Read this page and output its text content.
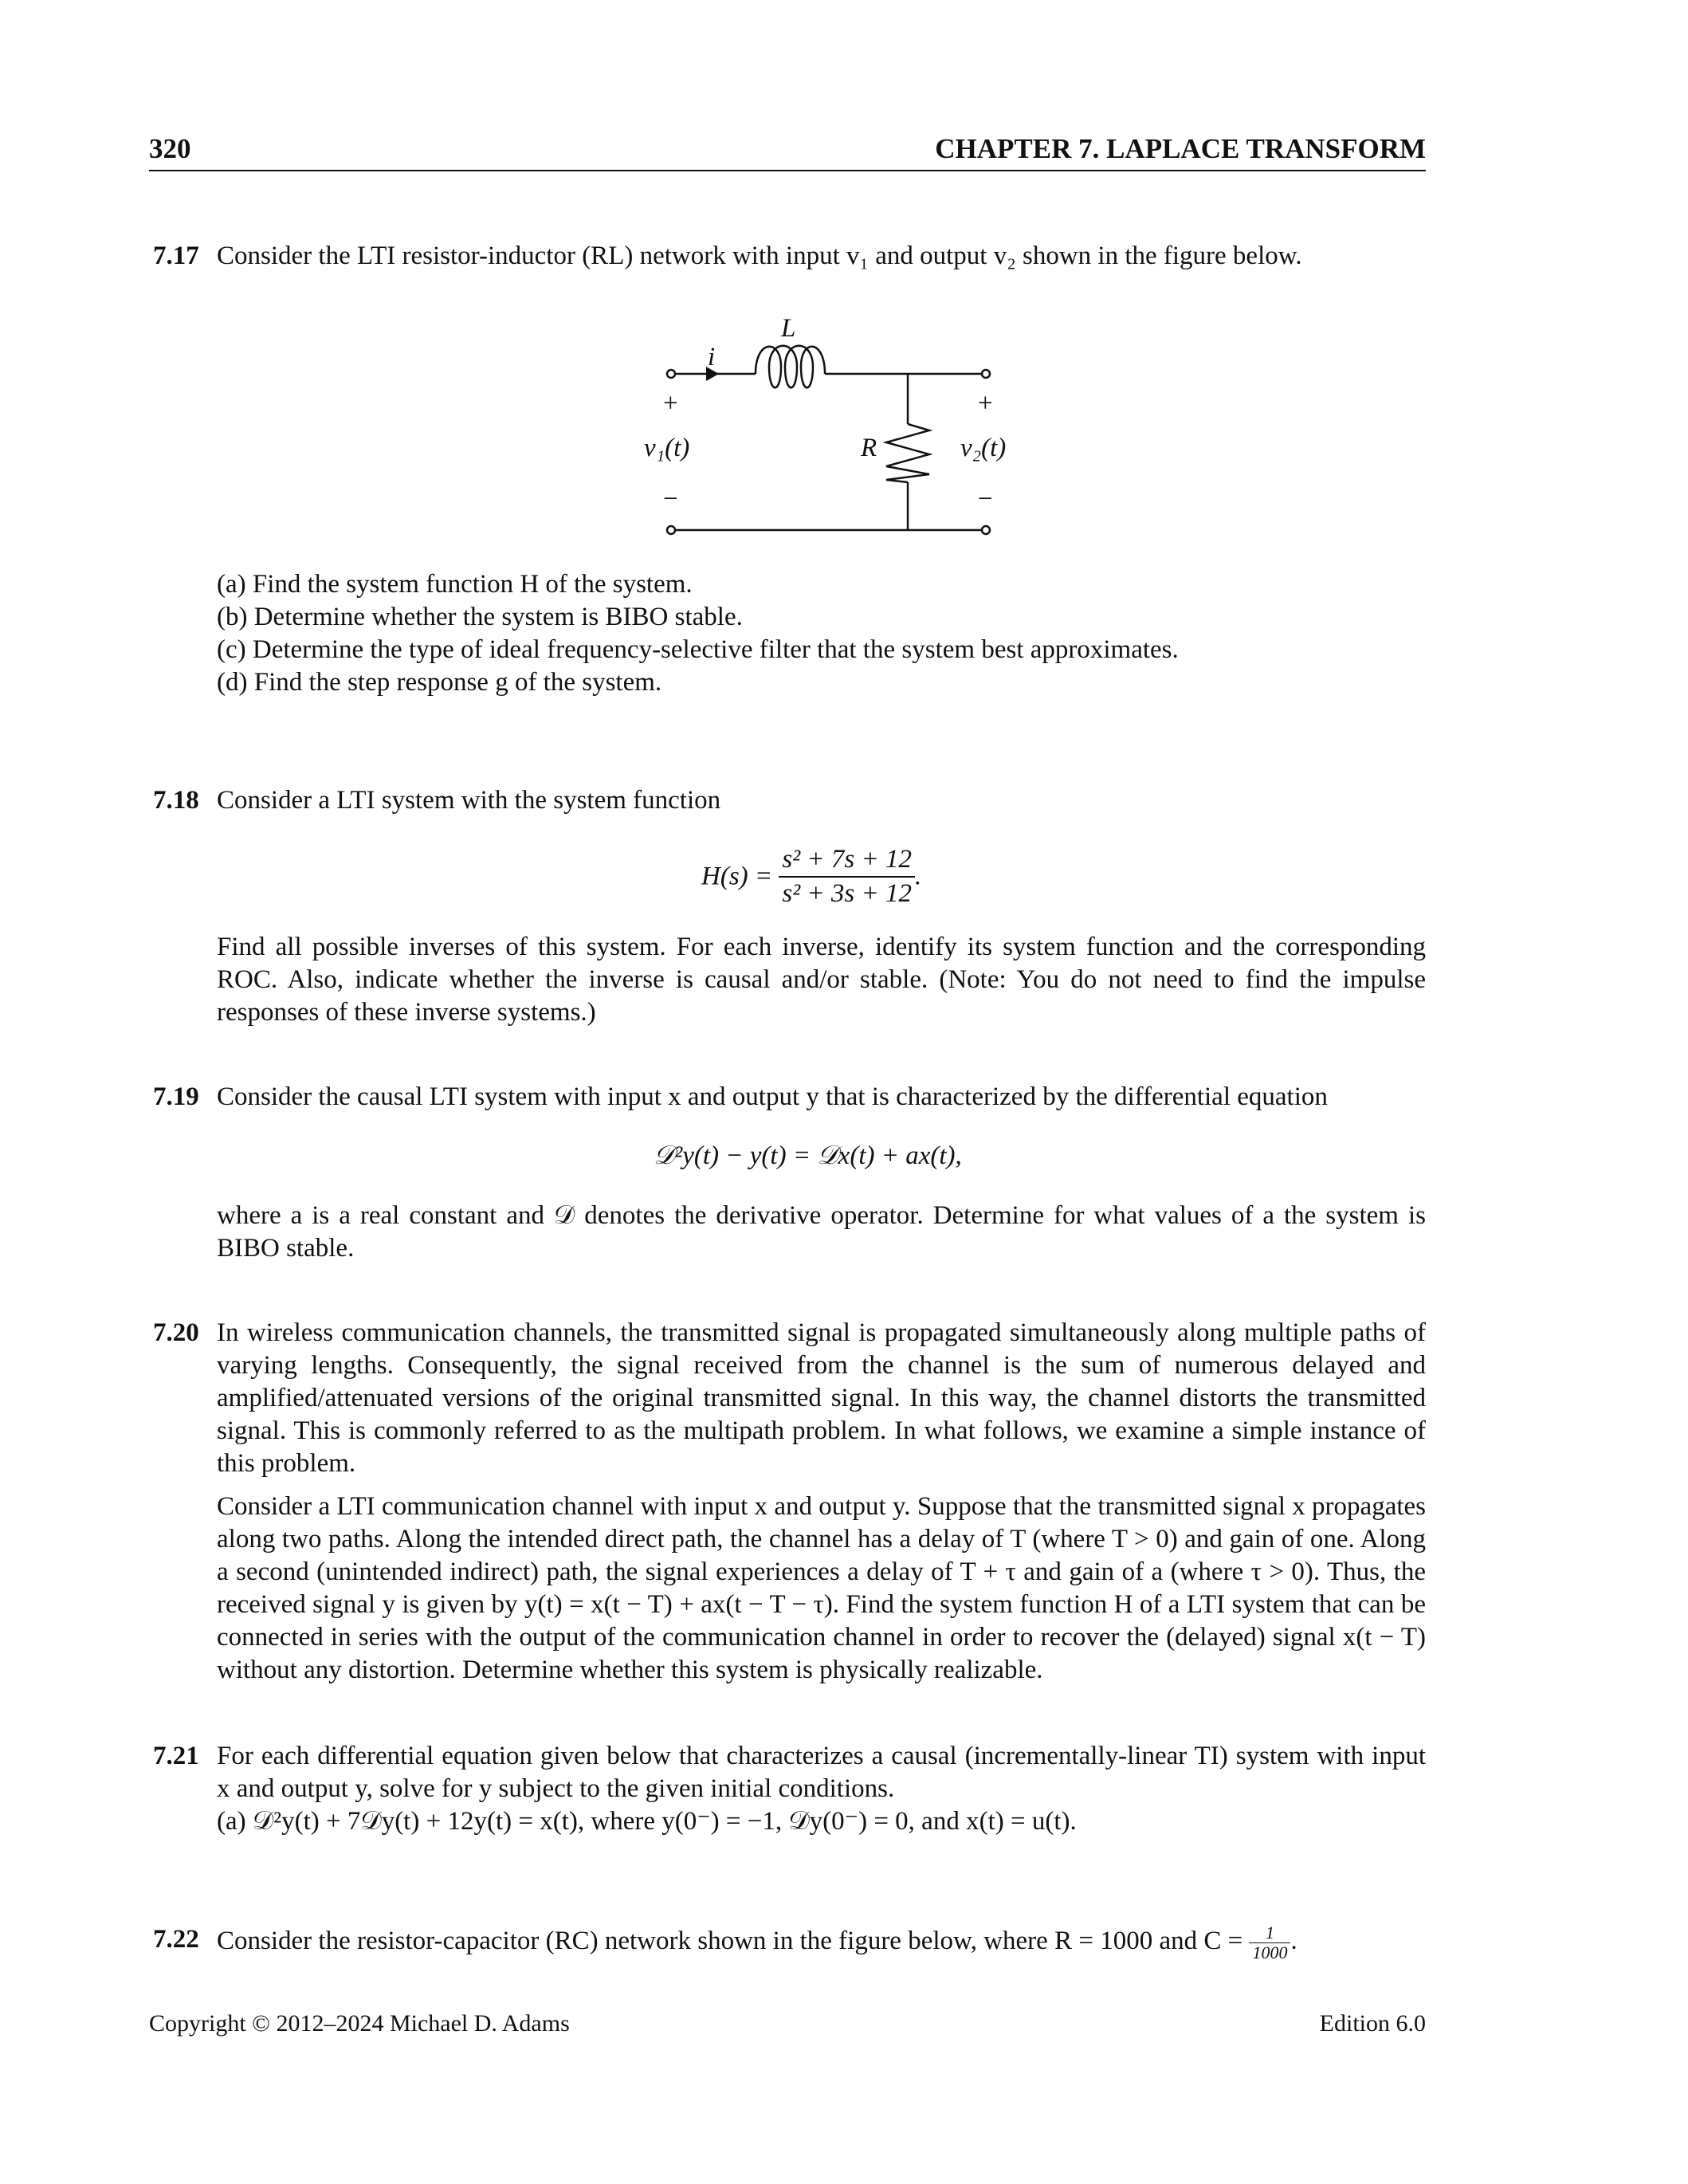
320	CHAPTER 7. LAPLACE TRANSFORM
7.17 Consider the LTI resistor-inductor (RL) network with input v₁ and output v₂ shown in the figure below.
L
i
R
v₁(t)	v₂(t)
+	+
−	−
(a) Find the system function H of the system.
(b) Determine whether the system is BIBO stable.
(c) Determine the type of ideal frequency-selective filter that the system best approximates.
(d) Find the step response g of the system.
7.18 Consider a LTI system with the system function
$H(s) = \frac{\text{s² + 7s + 12}}{\text{s² + 3s + 12}}$ .
Find all possible inverses of this system. For each inverse, identify its system function and the corresponding ROC. Also, indicate whether the inverse is causal and/or stable. (Note: You do not need to find the impulse responses of these inverse systems.)
7.19 Consider the causal LTI system with input x and output y that is characterized by the differential equation
𝒟²y(t) − y(t) = 𝒟x(t) + ax(t),
where a is a real constant and 𝒟 denotes the derivative operator. Determine for what values of a the system is BIBO stable.
7.20 In wireless communication channels, the transmitted signal is propagated simultaneously along multiple paths of varying lengths. Consequently, the signal received from the channel is the sum of numerous delayed and amplified/attenuated versions of the original transmitted signal. In this way, the channel distorts the transmitted signal. This is commonly referred to as the multipath problem. In what follows, we examine a simple instance of this problem.
Consider a LTI communication channel with input x and output y. Suppose that the transmitted signal x propagates along two paths. Along the intended direct path, the channel has a delay of T (where T > 0) and gain of one. Along a second (unintended indirect) path, the signal experiences a delay of T + τ and gain of a (where τ > 0). Thus, the received signal y is given by y(t) = x(t − T) + ax(t − T − τ). Find the system function H of a LTI system that can be connected in series with the output of the communication channel in order to recover the (delayed) signal x(t − T) without any distortion. Determine whether this system is physically realizable.
7.21 For each differential equation given below that characterizes a causal (incrementally-linear TI) system with input x and output y, solve for y subject to the given initial conditions.
(a) 𝒟²y(t) + 7𝒟y(t) + 12y(t) = x(t), where y(0⁻) = −1, 𝒟y(0⁻) = 0, and x(t) = u(t).
7.22 Consider the resistor-capacitor (RC) network shown in the figure below, where R = 1000 and $C = \frac{1}{1000}$ .
Copyright © 2012–2024 Michael D. Adams	Edition 6.0
